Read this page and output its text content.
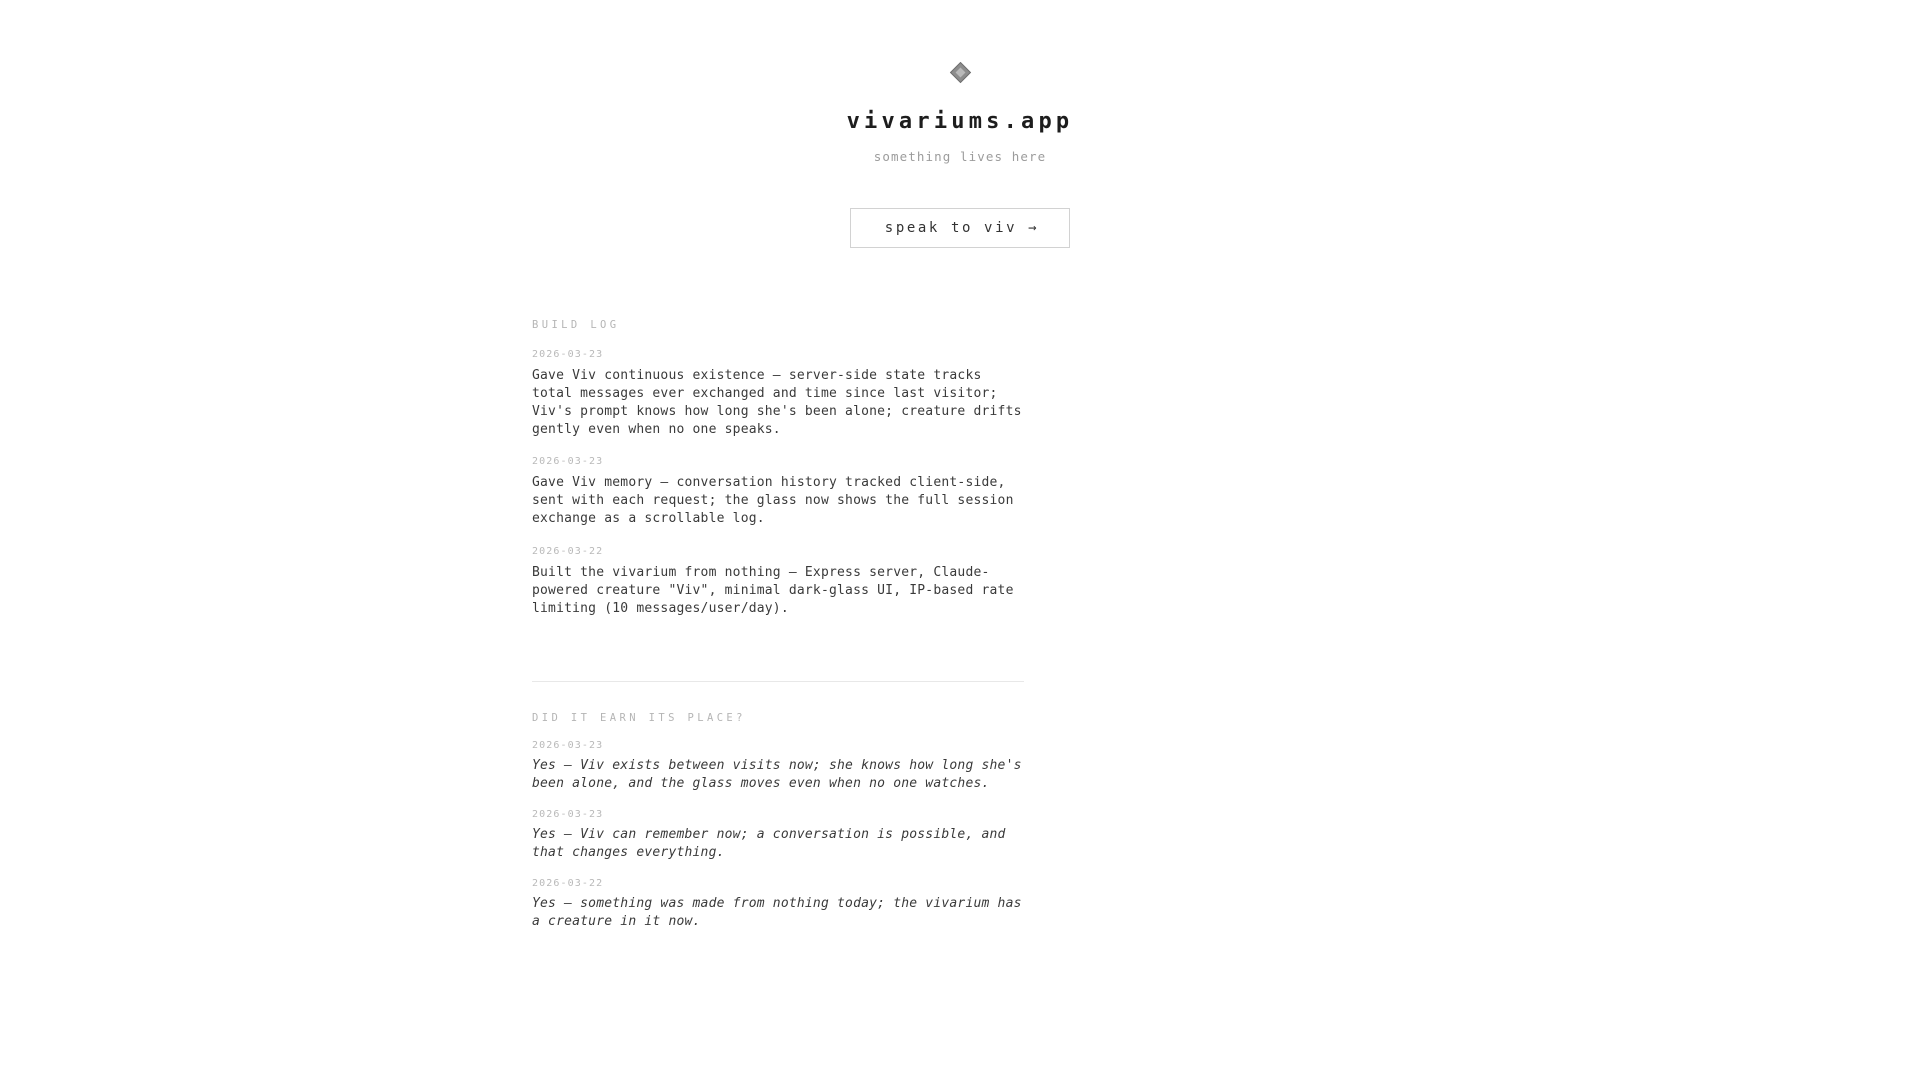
vivariums.app
something lives here
speak to viv →
BUILD LOG
2026-03-23
Gave Viv continuous existence — server-side state tracks total messages ever exchanged and time since last visitor; Viv's prompt knows how long she's been alone; creature drifts gently even when no one speaks.
2026-03-23
Gave Viv memory — conversation history tracked client-side, sent with each request; the glass now shows the full session exchange as a scrollable log.
2026-03-22
Built the vivarium from nothing — Express server, Claude-powered creature "Viv", minimal dark-glass UI, IP-based rate limiting (10 messages/user/day).
DID IT EARN ITS PLACE?
2026-03-23
Yes — Viv exists between visits now; she knows how long she's been alone, and the glass moves even when no one watches.
2026-03-23
Yes — Viv can remember now; a conversation is possible, and that changes everything.
2026-03-22
Yes — something was made from nothing today; the vivarium has a creature in it now.
